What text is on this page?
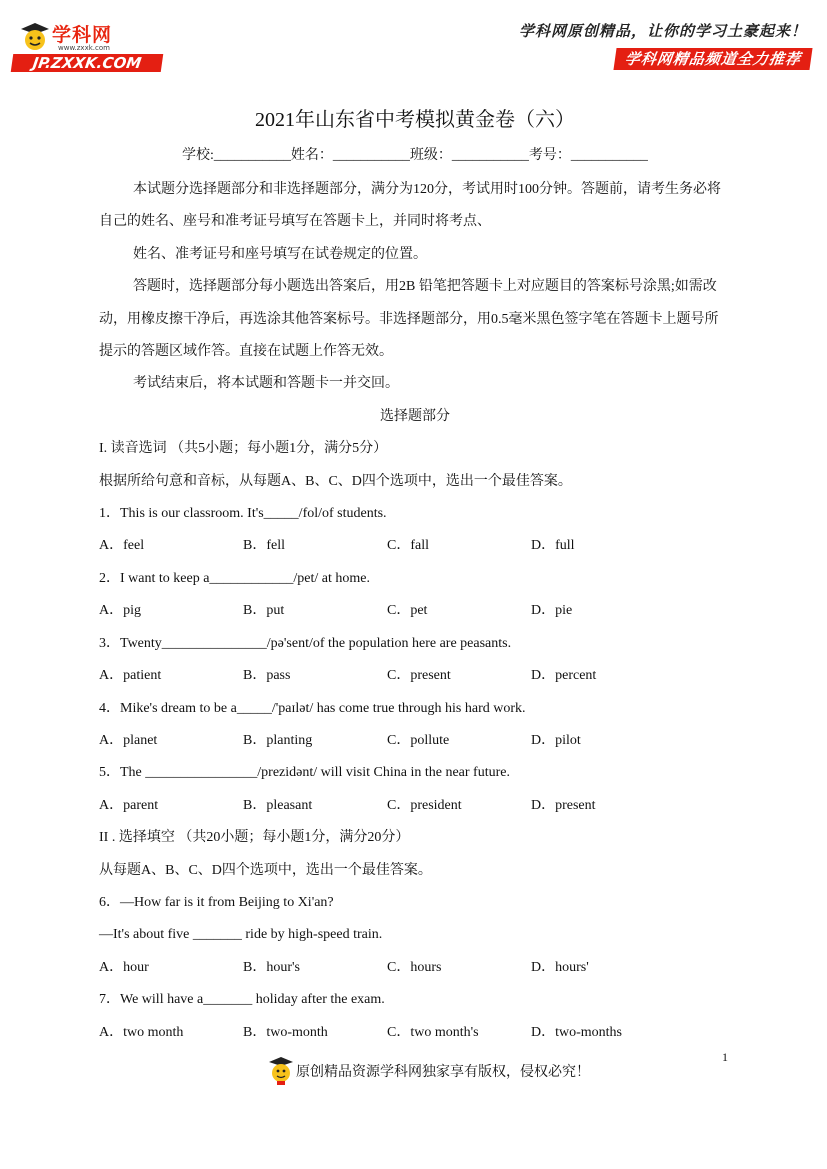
学科网
www.zxxk.com
JP.ZXXK.COM
学科网原创精品，让你的学习土豪起来！
学科网精品频道全力推荐
2021年山东省中考模拟黄金卷（六）
学校:___________姓名：___________班级：___________考号：___________

本试题分选择题部分和非选择题部分，满分为120分，考试用时100分钟。答题前，请考生务必将自己的姓名、座号和准考证号填写在答题卡上，并同时将考点、

姓名、准考证号和座号填写在试卷规定的位置。

答题时，选择题部分每小题选出答案后，用2B 铅笔把答题卡上对应题目的答案标号涂黑;如需改动，用橡皮擦干净后，再选涂其他答案标号。非选择题部分，用0.5毫米黑色签字笔在答题卡上题号所提示的答题区域作答。直接在试题上作答无效。

考试结束后，将本试题和答题卡一并交回。

选择题部分

I. 读音选词 （共5小题；每小题1分，满分5分）

根据所给句意和音标，从每题A、B、C、D四个选项中，选出一个最佳答案。

1．This is our classroom. It's_____/fol/of students.

A．feel	B．fell	C．fall	D．full

2．I want to keep a____________/pet/ at home.

A．pig	B．put	C．pet	D．pie

3．Twenty_______________/pə'sent/of the population here are peasants.

A．patient	B．pass	C．present	D．percent

4．Mike's dream to be a_____/'paɪlət/ has come true through his hard work.

A．planet	B．planting	C．pollute	D．pilot

5．The ________________/prezidənt/ will visit China in the near future.

A．parent	B．pleasant	C．president	D．present

II . 选择填空 （共20小题；每小题1分，满分20分）

从每题A、B、C、D四个选项中，选出一个最佳答案。

6．—How far is it from Beijing to Xi'an?

—It's about five _______ ride by high-speed train.

A．hour	B．hour's	C．hours	D．hours'

7．We will have a_______ holiday after the exam.

A．two month	B．two-month	C．two month's	D．two-months
1
原创精品资源学科网独家享有版权，侵权必究！
